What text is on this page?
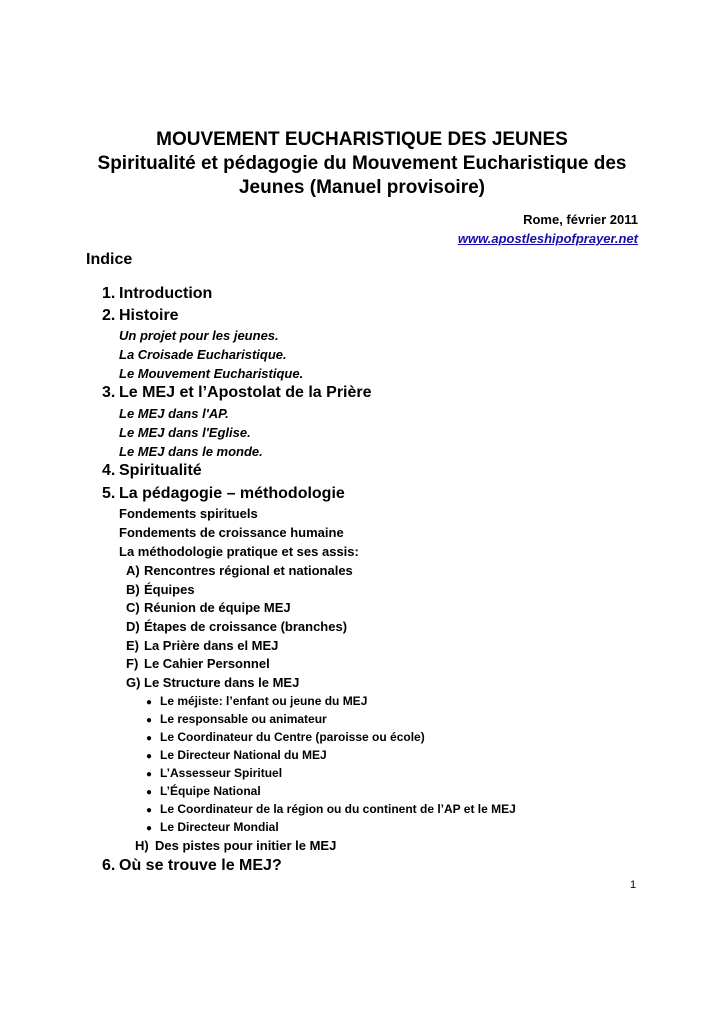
MOUVEMENT EUCHARISTIQUE DES JEUNES
Spiritualité et pédagogie du Mouvement Eucharistique des
Jeunes (Manuel provisoire)
Rome, février 2011
www.apostleshipofprayer.net
Indice
1. Introduction
2. Histoire
Un projet pour les jeunes.
La Croisade Eucharistique.
Le Mouvement Eucharistique.
3. Le MEJ et l’Apostolat de la Prière
Le MEJ dans l'AP.
Le MEJ dans l'Eglise.
Le MEJ dans le monde.
4. Spiritualité
5. La pédagogie – méthodologie
Fondements spirituels
Fondements de croissance humaine
La méthodologie pratique et ses assis:
A) Rencontres régional et nationales
B) Équipes
C) Réunion de équipe MEJ
D) Étapes de croissance (branches)
E) La Prière dans el MEJ
F) Le Cahier Personnel
G) Le Structure dans le MEJ
● Le méjiste: l’enfant ou jeune du MEJ
● Le responsable ou animateur
● Le Coordinateur du Centre (paroisse ou école)
● Le Directeur National du MEJ
● L’Assesseur Spirituel
● L’Équipe National
● Le Coordinateur de la région ou du continent de l’AP et le MEJ
● Le Directeur Mondial
H) Des pistes pour initier le MEJ
6. Où se trouve le MEJ?
1
